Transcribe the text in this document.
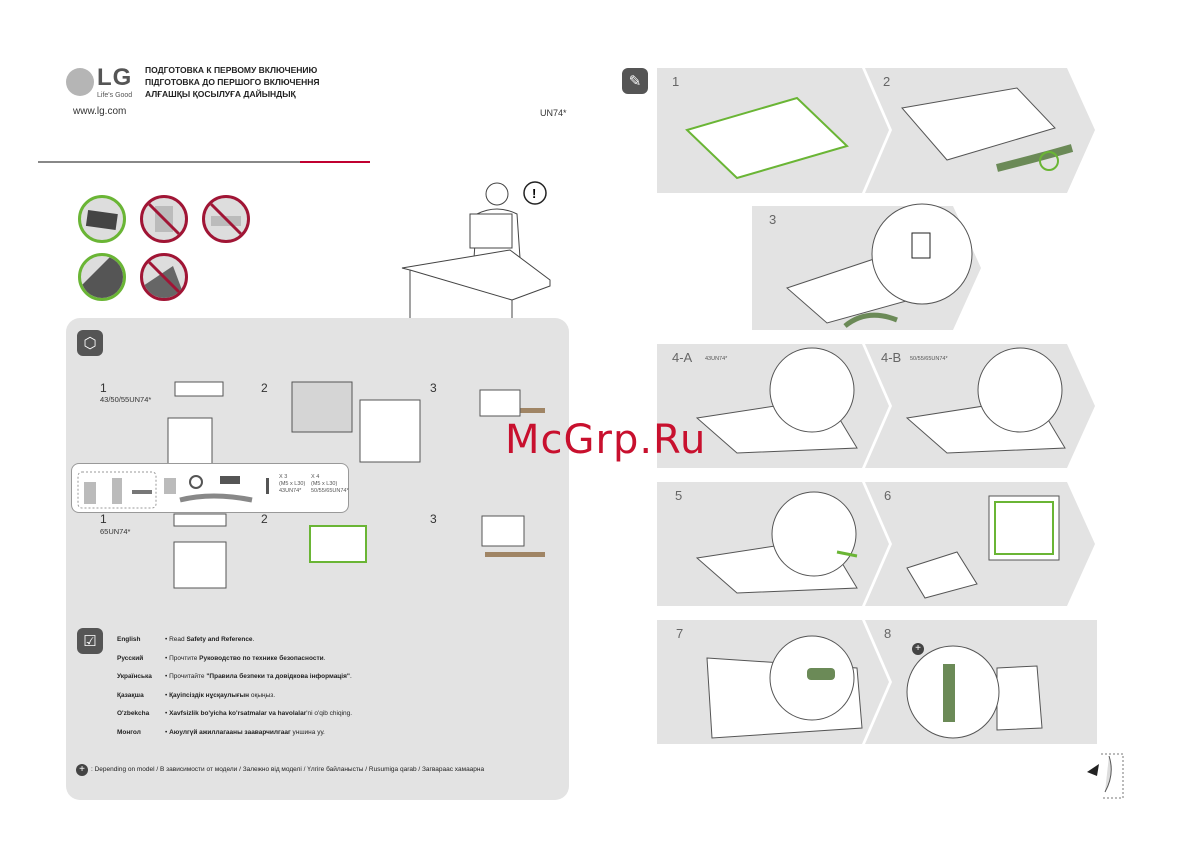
LG
Life's Good
www.lg.com
ПОДГОТОВКА К ПЕРВОМУ ВКЛЮЧЕНИЮ
ПІДГОТОВКА ДО ПЕРШОГО ВКЛЮЧЕННЯ
АЛҒАШҚЫ ҚОСЫЛУҒА ДАЙЫНДЫҚ
UN74*
!
⬡
1
43/50/55UN74*
2	3
X 3
(M5 x L30)
43UN74*
X 4
(M5 x L30)
50/55/65UN74*
1
65UN74*
2	3
☑	English	• Read Safety and Reference.
Русский	• Прочтите Руководство по технике безопасности.
Українська	• Прочитайте "Правила безпеки та довідкова інформація".
Қазақша	• Қауіпсіздік нұсқаулығын оқыңыз.
O'zbekcha	• Xavfsizlik bo'yicha ko'rsatmalar va havolalar'ni o'qib chiqing.
Монгол	• Аюулгүй ажиллагааны зааварчилгааг уншина уу.
+ : Depending on model / В зависимости от модели / Залежно від моделі / Үлгіге байланысты / Rusumiga qarab / Загвараас хамаарна
✎	1	2
3
4-A 43UN74*	4-B 50/55/65UN74*
5	6
7	8
+
McGrp.Ru
